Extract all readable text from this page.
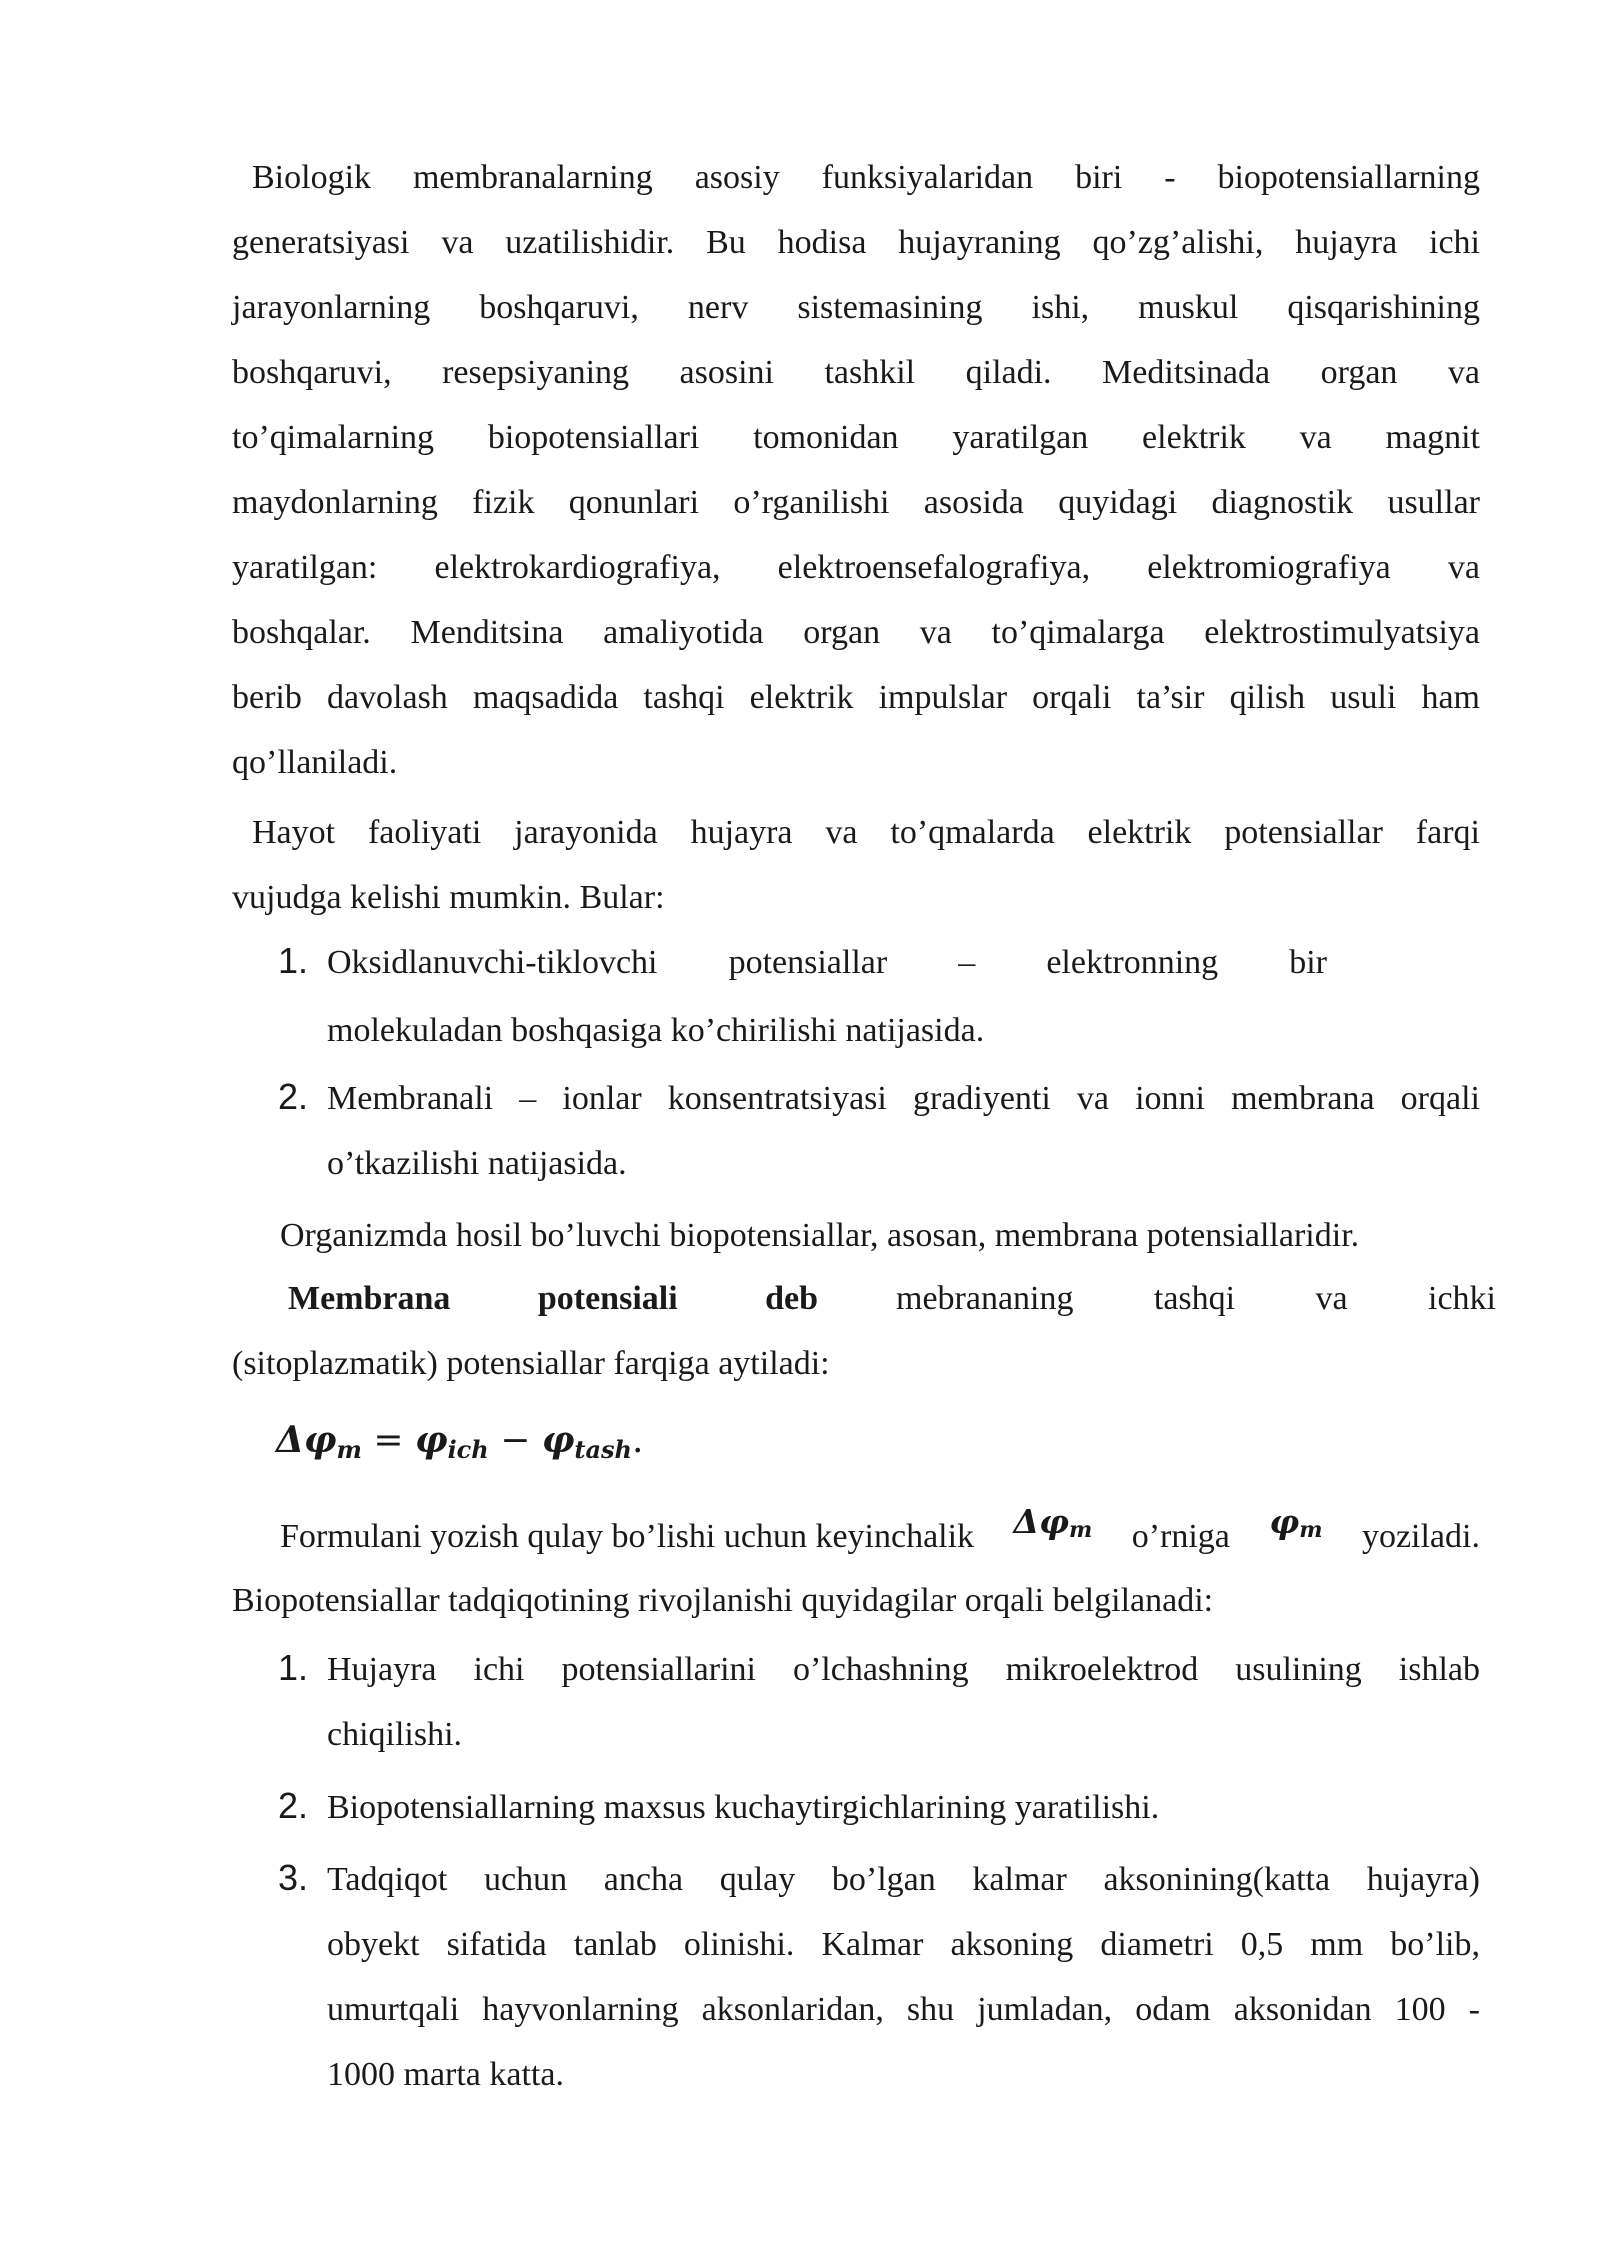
Biologik membranalarning asosiy funksiyalaridan biri - biopotensiallarning
generatsiyasi va uzatilishidir. Bu hodisa hujayraning qo’zg’alishi, hujayra ichi
jarayonlarning boshqaruvi, nerv sistemasining ishi, muskul qisqarishining
boshqaruvi, resepsiyaning asosini tashkil qiladi. Meditsinada organ va
to’qimalarning biopotensiallari tomonidan yaratilgan elektrik va magnit
maydonlarning fizik qonunlari o’rganilishi asosida quyidagi diagnostik usullar
yaratilgan: elektrokardiografiya, elektroensefalografiya, elektromiografiya va
boshqalar. Menditsina amaliyotida organ va to’qimalarga elektrostimulyatsiya
berib davolash maqsadida tashqi elektrik impulslar orqali ta’sir qilish usuli ham
qo’llaniladi.
Hayot faoliyati jarayonida hujayra va to’qmalarda elektrik potensiallar farqi
vujudga kelishi mumkin. Bular:
1. Oksidlanuvchi-tiklovchi potensiallar – elektronning bir
molekuladan boshqasiga ko’chirilishi natijasida.
2. Membranali – ionlar konsentratsiyasi gradiyenti va ionni membrana orqali
o’tkazilishi natijasida.
Organizmda hosil bo’luvchi biopotensiallar, asosan, membrana potensiallaridir.
Membrana potensiali deb mebrananing tashqi va ichki
(sitoplazmatik) potensiallar farqiga aytiladi:
$\Delta\varphi_m = \varphi_{ich} - \varphi_{tash}$.
Formulani yozish qulay bo’lishi uchun keyinchalik Δφm o’rniga φm yoziladi.
Biopotensiallar tadqiqotining rivojlanishi quyidagilar orqali belgilanadi:
1. Hujayra ichi potensiallarini o’lchashning mikroelektrod usulining ishlab
chiqilishi.
2. Biopotensiallarning maxsus kuchaytirgichlarining yaratilishi.
3. Tadqiqot uchun ancha qulay bo’lgan kalmar aksonining(katta hujayra)
obyekt sifatida tanlab olinishi. Kalmar aksoning diametri 0,5 mm bo’lib,
umurtqali hayvonlarning aksonlaridan, shu jumladan, odam aksonidan 100 -
1000 marta katta.
